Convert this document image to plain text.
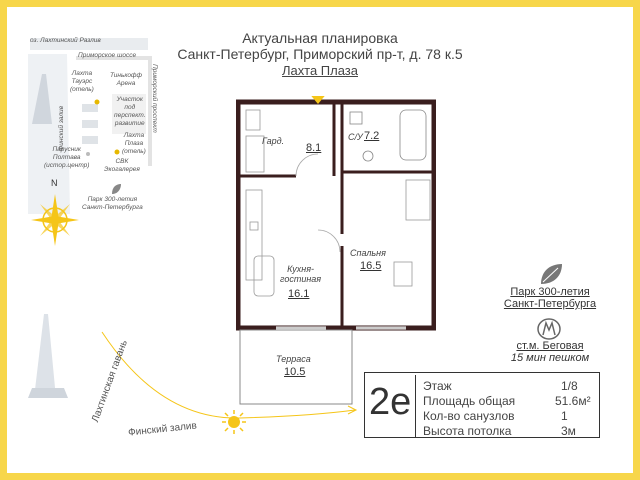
Актуальная планировка
Санкт-Петербург, Приморский пр-т, д. 78 к.5
Лахта Плаза
оз. Лахтинский Разлив
Приморское шоссе
Приморский проспект
Финский залив
Лахта
Тауэрс
(отель)
Тинькофф
Арена
Участок
под
перспект.
развитие
Лахта
Плаза
(отель)
Парусник
Полтава
(истор.центр)
СВК
Экогалерея
Парк 300-летия
Санкт-Петербурга
N
Лахтинская гавань
Финский залив
Гард.
8.1
С/У 7.2
Спальня
16.5
Кухня-
гостиная
16.1
Терраса
10.5
Парк 300-летия
Санкт-Петербурга
ст.м. Беговая
15 мин пешком
2е Этаж	1/8
Площадь общая	51.6м²
Кол-во санузлов	1
Высота потолка	3м
